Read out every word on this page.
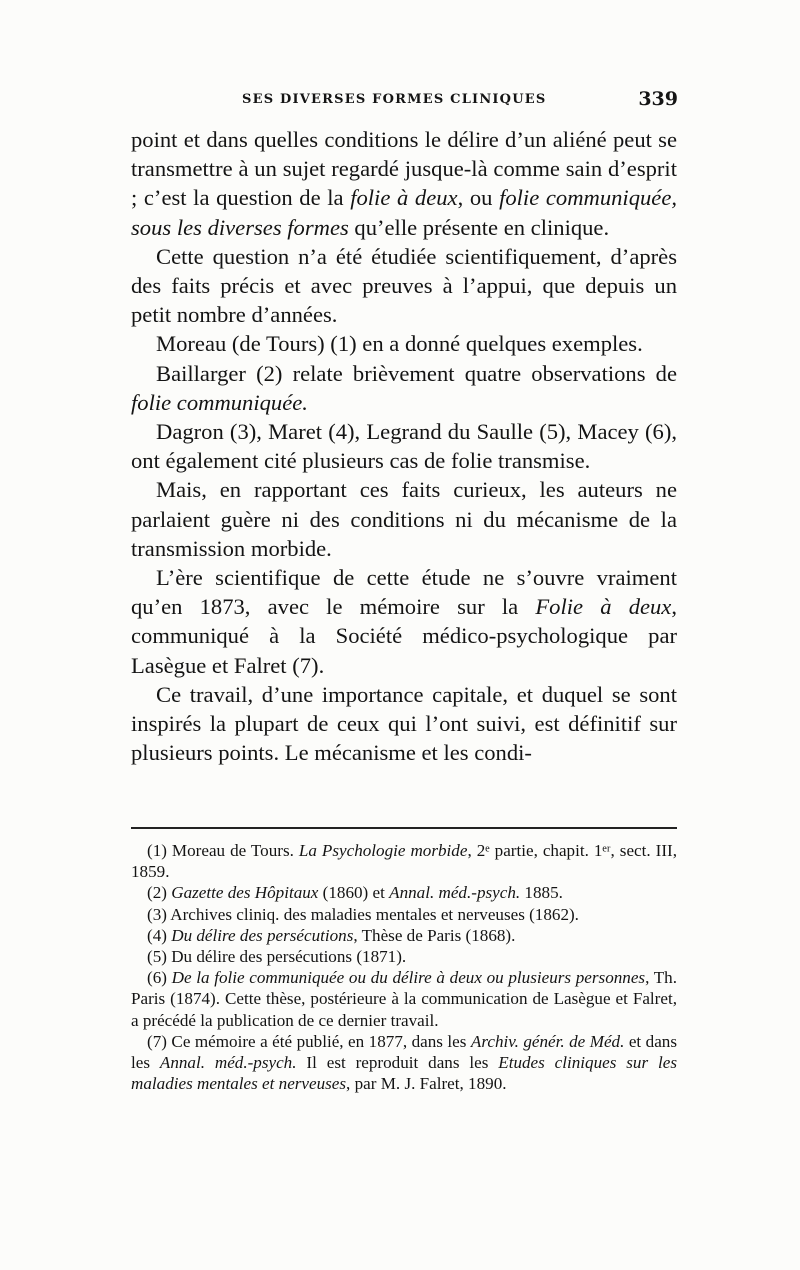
SES DIVERSES FORMES CLINIQUES	339

point et dans quelles conditions le délire d’un aliéné peut se transmettre à un sujet regardé jusque-là comme sain d’esprit ; c’est la question de la folie à deux, ou folie communiquée, sous les diverses formes qu’elle présente en clinique.

Cette question n’a été étudiée scientifiquement, d’après des faits précis et avec preuves à l’appui, que depuis un petit nombre d’années.

Moreau (de Tours) (1) en a donné quelques exemples.

Baillarger (2) relate brièvement quatre observations de folie communiquée.

Dagron (3), Maret (4), Legrand du Saulle (5), Macey (6), ont également cité plusieurs cas de folie transmise.

Mais, en rapportant ces faits curieux, les auteurs ne parlaient guère ni des conditions ni du mécanisme de la transmission morbide.

L’ère scientifique de cette étude ne s’ouvre vraiment qu’en 1873, avec le mémoire sur la Folie à deux, communiqué à la Société médico-psychologique par Lasègue et Falret (7).

Ce travail, d’une importance capitale, et duquel se sont inspirés la plupart de ceux qui l’ont suivi, est définitif sur plusieurs points. Le mécanisme et les condi-

(1) Moreau de Tours. La Psychologie morbide, 2ᵉ partie, chapit. 1ᵉʳ, sect. III, 1859.

(2) Gazette des Hôpitaux (1860) et Annal. méd.-psych. 1885.

(3) Archives cliniq. des maladies mentales et nerveuses (1862).

(4) Du délire des persécutions, Thèse de Paris (1868).

(5) Du délire des persécutions (1871).

(6) De la folie communiquée ou du délire à deux ou plusieurs personnes, Th. Paris (1874). Cette thèse, postérieure à la communication de Lasègue et Falret, a précédé la publication de ce dernier travail.

(7) Ce mémoire a été publié, en 1877, dans les Archiv. génér. de Méd. et dans les Annal. méd.-psych. Il est reproduit dans les Etudes cliniques sur les maladies mentales et nerveuses, par M. J. Falret, 1890.
